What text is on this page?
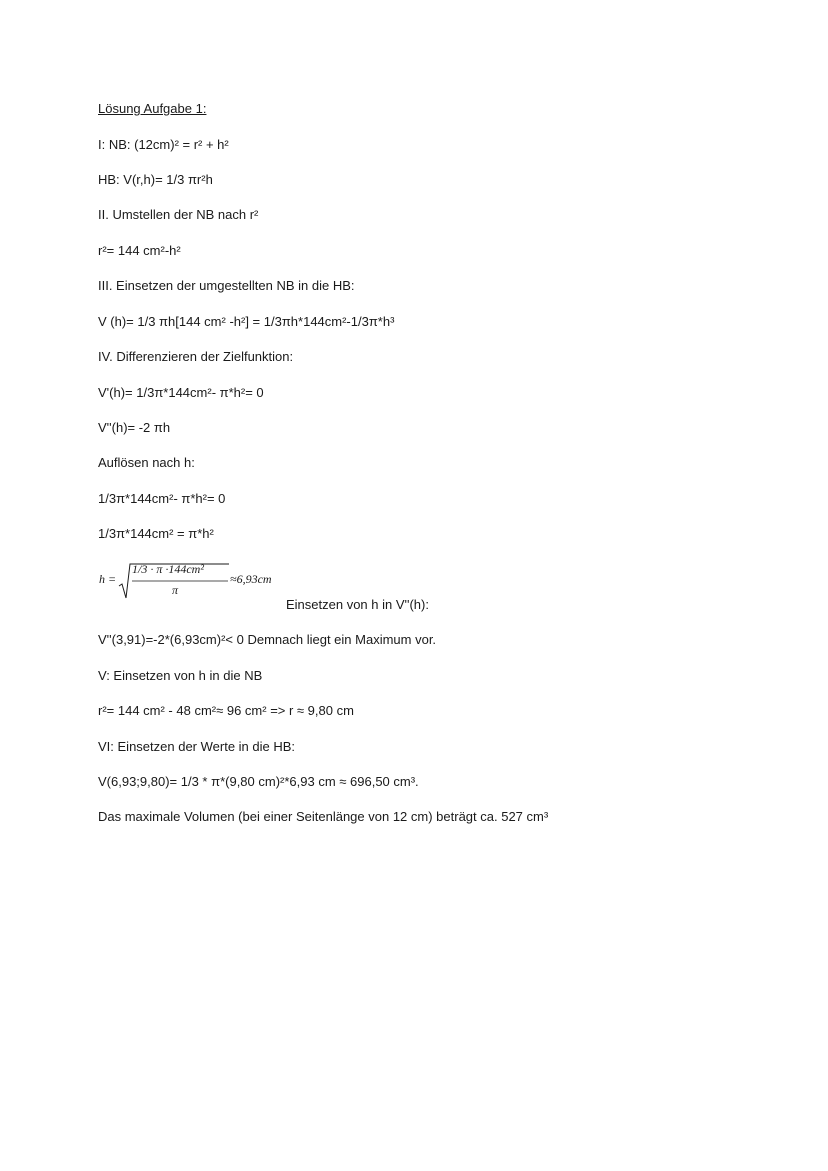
Lösung Aufgabe 1:
I: NB: (12cm)² = r² + h²
HB: V(r,h)= 1/3 πr²h
II. Umstellen der NB nach r²
r²= 144 cm²-h²
III. Einsetzen der umgestellten NB in die HB:
V (h)= 1/3 πh[144 cm² -h²] = 1/3πh*144cm²-1/3π*h³
IV. Differenzieren der Zielfunktion:
V'(h)= 1/3π*144cm²- π*h²= 0
V''(h)= -2 πh
Auflösen nach h:
1/3π*144cm²- π*h²= 0
1/3π*144cm² = π*h²
h =
1/3 · π ·144cm²
π
≈6,93cm
Einsetzen von h in V''(h):
V''(3,91)=-2*(6,93cm)²< 0 Demnach liegt ein Maximum vor.
V: Einsetzen von h in die NB
r²= 144 cm² - 48 cm²≈ 96 cm² => r ≈ 9,80 cm
VI: Einsetzen der Werte in die HB:
V(6,93;9,80)= 1/3 * π*(9,80 cm)²*6,93 cm ≈ 696,50 cm³.
Das maximale Volumen (bei einer Seitenlänge von 12 cm) beträgt ca. 527 cm³
